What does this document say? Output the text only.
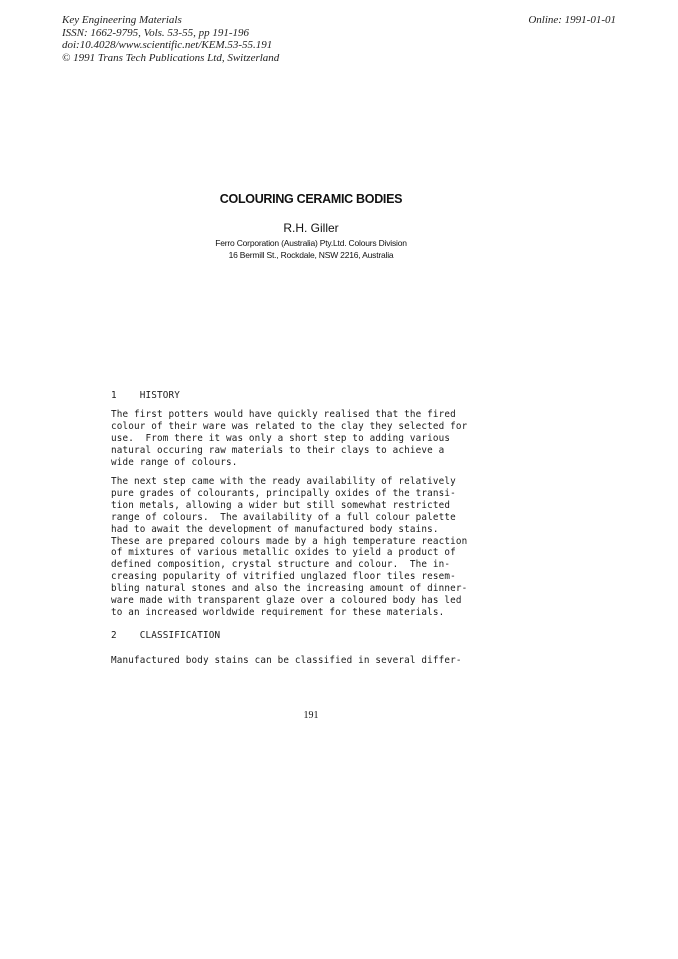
Key Engineering Materials
ISSN: 1662-9795, Vols. 53-55, pp 191-196
doi:10.4028/www.scientific.net/KEM.53-55.191
© 1991 Trans Tech Publications Ltd, Switzerland
Online: 1991-01-01
COLOURING CERAMIC BODIES
R.H. Giller
Ferro Corporation (Australia) Pty.Ltd. Colours Division
16 Bermill St., Rockdale, NSW 2216, Australia
1    HISTORY
The first potters would have quickly realised that the fired
colour of their ware was related to the clay they selected for
use.  From there it was only a short step to adding various
natural occuring raw materials to their clays to achieve a
wide range of colours.
The next step came with the ready availability of relatively
pure grades of colourants, principally oxides of the transi-
tion metals, allowing a wider but still somewhat restricted
range of colours.  The availability of a full colour palette
had to await the development of manufactured body stains.
These are prepared colours made by a high temperature reaction
of mixtures of various metallic oxides to yield a product of
defined composition, crystal structure and colour.  The in-
creasing popularity of vitrified unglazed floor tiles resem-
bling natural stones and also the increasing amount of dinner-
ware made with transparent glaze over a coloured body has led
to an increased worldwide requirement for these materials.
2    CLASSIFICATION
Manufactured body stains can be classified in several differ-
191
